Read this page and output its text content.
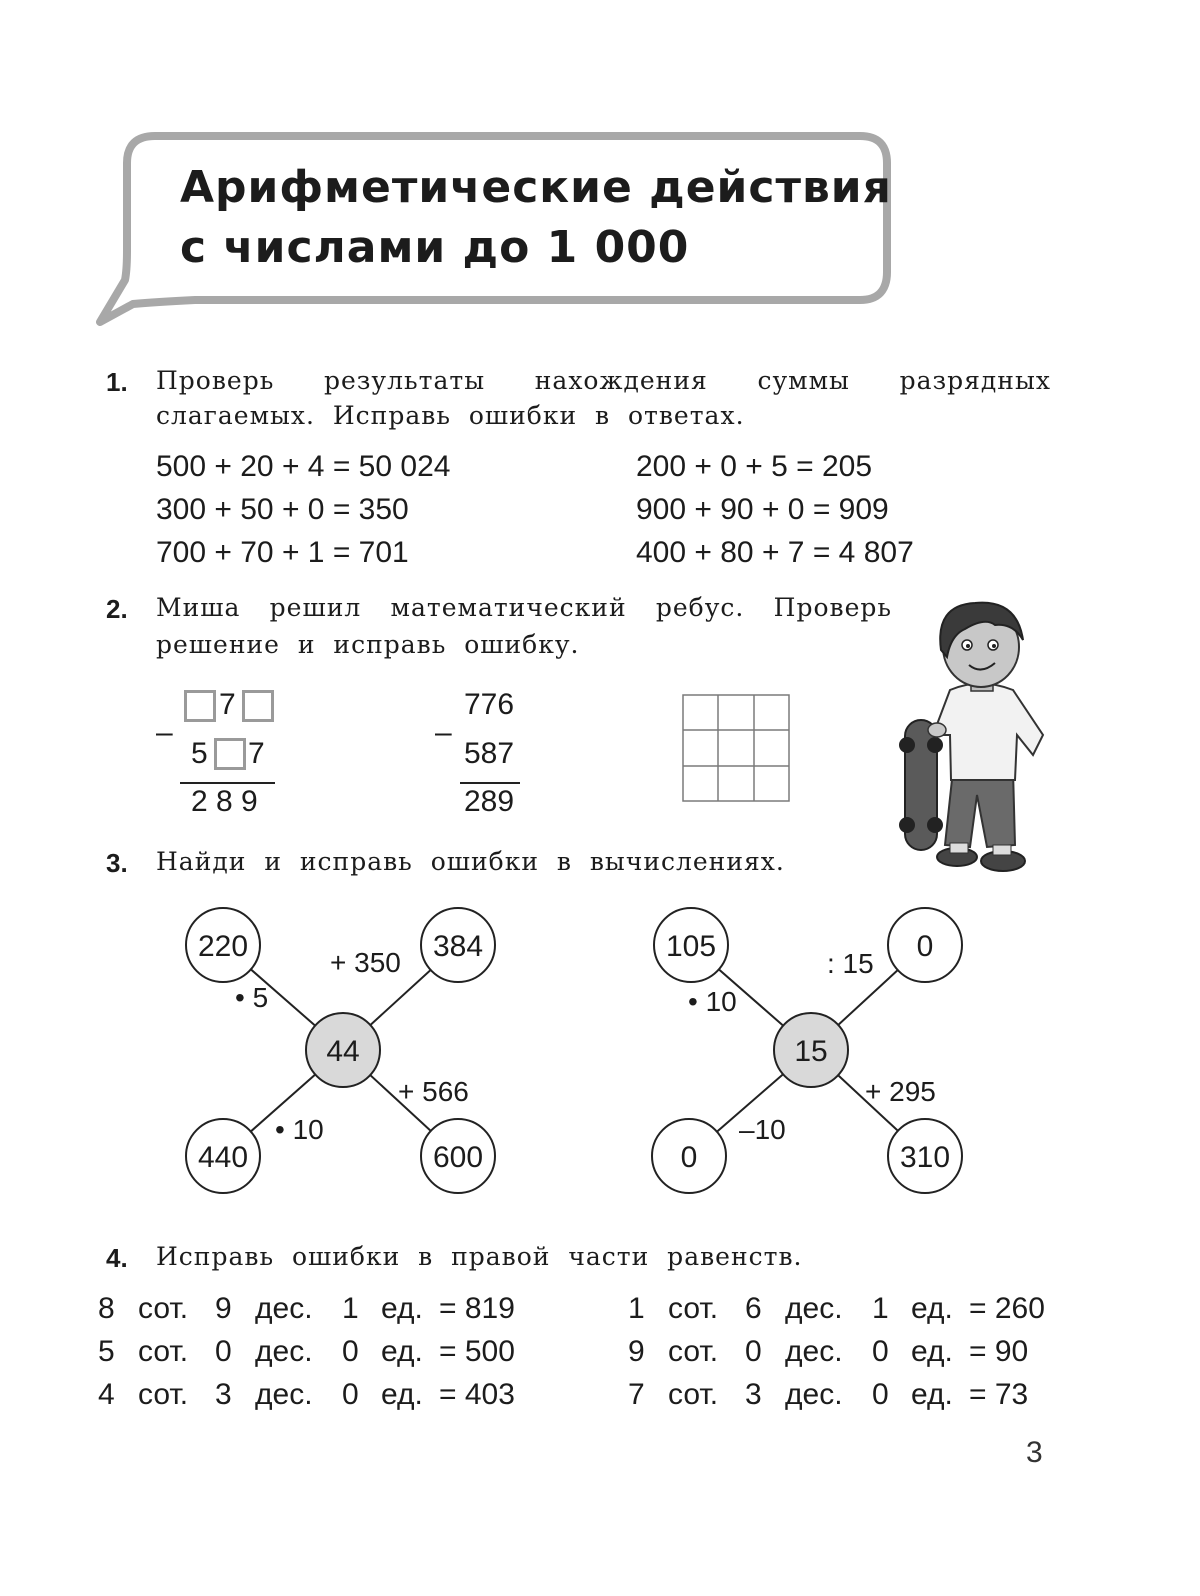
Арифметические действия
с числами до 1 000
1. Проверь результаты нахождения суммы разрядных
слагаемых.  Исправь  ошибки  в  ответах.
500 + 20 + 4 = 50 024
300 + 50 + 0 = 350
700 + 70 + 1 = 701
200 + 0 + 5 = 205
900 + 90 + 0 = 909
400 + 80 + 7 = 4 807
2. Миша решил математический ребус. Проверь
решение  и  исправь  ошибку.
–
7
5 7
2 8 9
–
776
587
289
3. Найди  и  исправь  ошибки  в  вычислениях.
44
220	384
440	600
• 5
+ 350
• 10
+ 566
15
105	0
0	310
• 10
: 15
–10
+ 295
4. Исправь  ошибки  в  правой  части  равенств.
8 сот. 9 дес. 1 ед. = 819
5 сот. 0 дес. 0 ед. = 500
4 сот. 3 дес. 0 ед. = 403
1 сот. 6 дес. 1 ед. = 260
9 сот. 0 дес. 0 ед. = 90
7 сот. 3 дес. 0 ед. = 73
3
